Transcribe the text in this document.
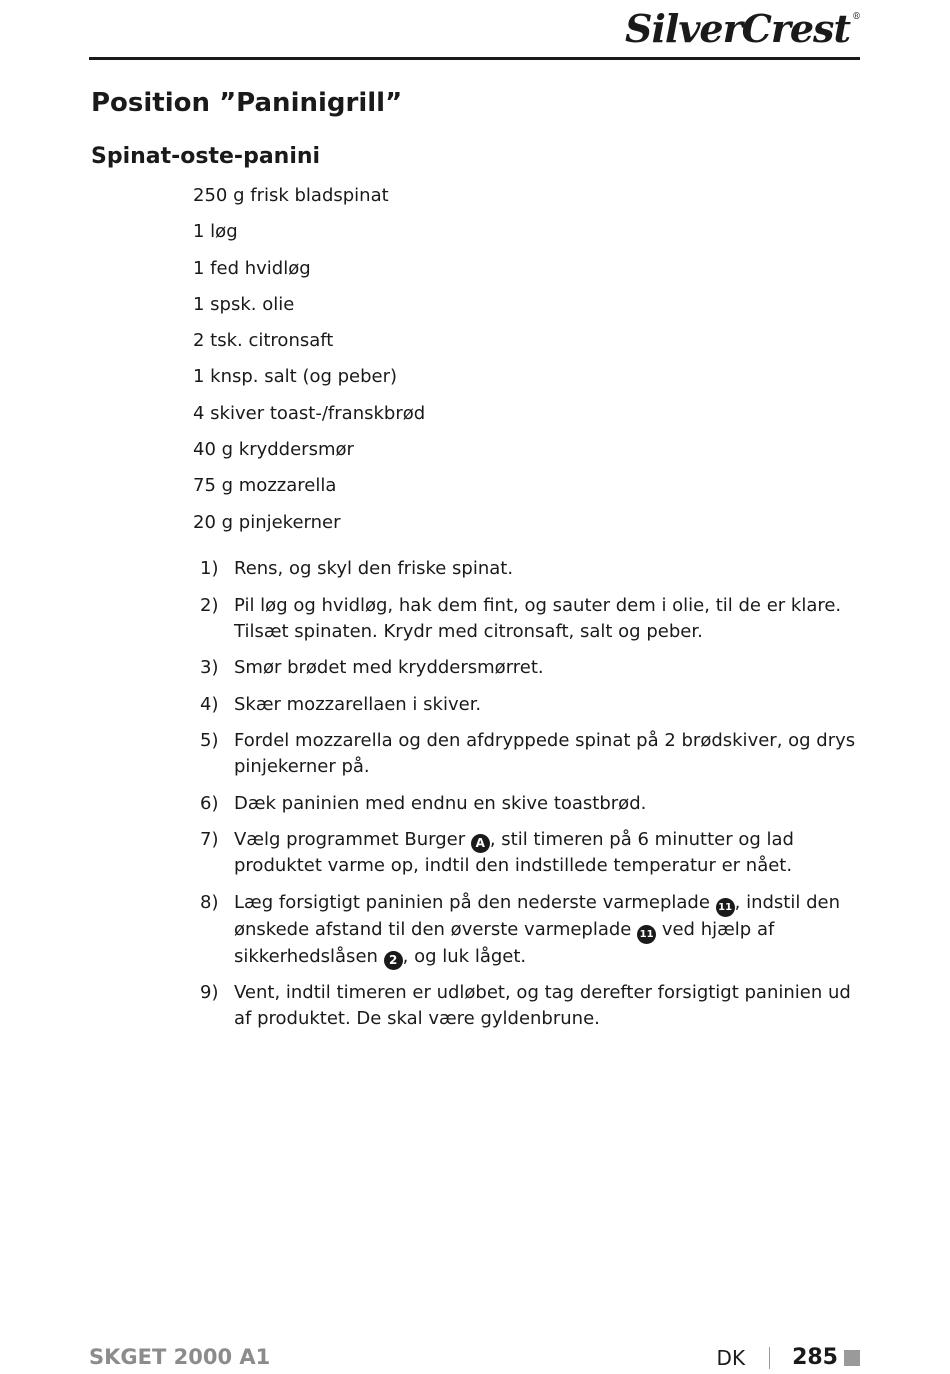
SilverCrest ®
Position ”Paninigrill”
Spinat-oste-panini
250 g frisk bladspinat
1 løg
1 fed hvidløg
1 spsk. olie
2 tsk. citronsaft
1 knsp. salt (og peber)
4 skiver toast-/franskbrød
40 g kryddersmør
75 g mozzarella
20 g pinjekerner
1) Rens, og skyl den friske spinat.
2) Pil løg og hvidløg, hak dem fint, og sauter dem i olie, til de er klare. Tilsæt spinaten. Krydr med citronsaft, salt og peber.
3) Smør brødet med kryddersmørret.
4) Skær mozzarellaen i skiver.
5) Fordel mozzarella og den afdryppede spinat på 2 brødskiver, og drys pinjekerner på.
6) Dæk paninien med endnu en skive toastbrød.
7) Vælg programmet Burger A , stil timeren på 6 minutter og lad produktet varme op, indtil den indstillede temperatur er nået.
8) Læg forsigtigt paninien på den nederste varmeplade 11 , indstil den ønskede afstand til den øverste varmeplade 11 ved hjælp af sikkerhedslåsen 2 , og luk låget.
9) Vent, indtil timeren er udløbet, og tag derefter forsigtigt paninien ud af produktet. De skal være gyldenbrune.
SKGET 2000 A1	DK 285
